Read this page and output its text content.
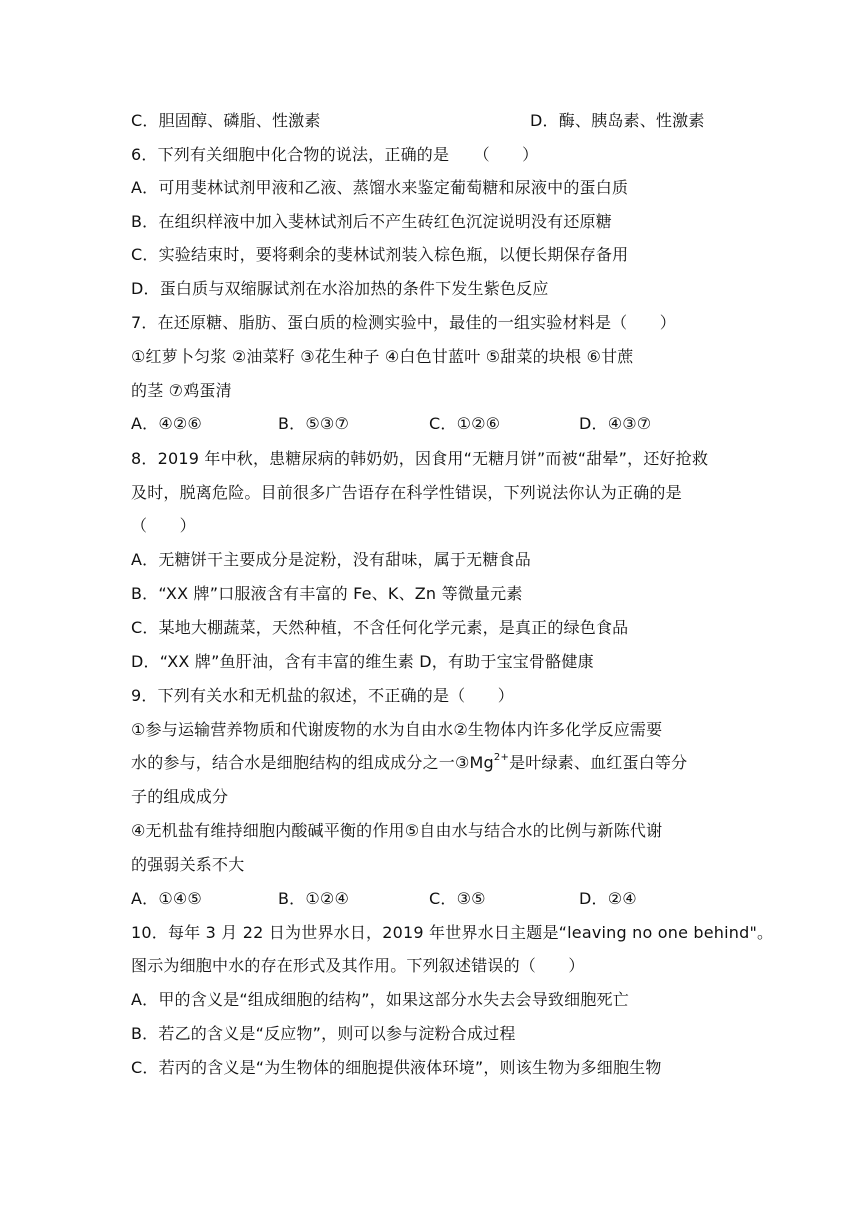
C．胆固醇、磷脂、性激素	D．酶、胰岛素、性激素
6．下列有关细胞中化合物的说法，正确的是　　（　　）
A．可用斐林试剂甲液和乙液、蒸馏水来鉴定葡萄糖和尿液中的蛋白质
B．在组织样液中加入斐林试剂后不产生砖红色沉淀说明没有还原糖
C．实验结束时，要将剩余的斐林试剂装入棕色瓶，以便长期保存备用
D．蛋白质与双缩脲试剂在水浴加热的条件下发生紫色反应
7．在还原糖、脂肪、蛋白质的检测实验中，最佳的一组实验材料是（　　）
①红萝卜匀浆 ②油菜籽 ③花生种子 ④白色甘蓝叶 ⑤甜菜的块根 ⑥甘蔗
的茎 ⑦鸡蛋清
A．④②⑥	B．⑤③⑦	C．①②⑥	D．④③⑦
8．2019 年中秋，患糖尿病的韩奶奶，因食用“无糖月饼”而被“甜晕”，还好抢救
及时，脱离危险。目前很多广告语存在科学性错误，下列说法你认为正确的是
（　　）
A．无糖饼干主要成分是淀粉，没有甜味，属于无糖食品
B．“XX 牌”口服液含有丰富的 Fe、K、Zn 等微量元素
C．某地大棚蔬菜，天然种植，不含任何化学元素，是真正的绿色食品
D．“XX 牌”鱼肝油，含有丰富的维生素 D，有助于宝宝骨骼健康
9．下列有关水和无机盐的叙述，不正确的是（　　）
①参与运输营养物质和代谢废物的水为自由水②生物体内许多化学反应需要
水的参与，结合水是细胞结构的组成成分之一$③Mg^{2+}$是叶绿素、血红蛋白等分
子的组成成分
④无机盐有维持细胞内酸碱平衡的作用⑤自由水与结合水的比例与新陈代谢
的强弱关系不大
A．①④⑤	B．①②④	C．③⑤	D．②④
10．每年 3 月 22 日为世界水日，2019 年世界水日主题是“leaving no one behind"。
图示为细胞中水的存在形式及其作用。下列叙述错误的（　　）
A．甲的含义是“组成细胞的结构”，如果这部分水失去会导致细胞死亡
B．若乙的含义是“反应物”，则可以参与淀粉合成过程
C．若丙的含义是“为生物体的细胞提供液体环境”，则该生物为多细胞生物
